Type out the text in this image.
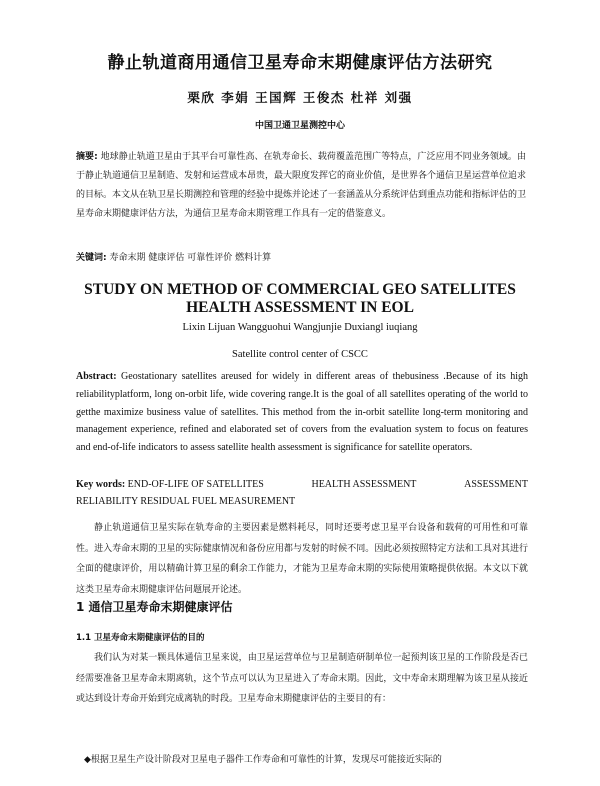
静止轨道商用通信卫星寿命末期健康评估方法研究
栗欣 李娟 王国辉 王俊杰 杜祥 刘强
中国卫通卫星测控中心
摘要: 地球静止轨道卫星由于其平台可靠性高、在轨寿命长、载荷覆盖范围广等特点，广泛应用不同业务领域。由于静止轨道通信卫星制造、发射和运营成本昂贵，最大限度发挥它的商业价值，是世界各个通信卫星运营单位追求的目标。本文从在轨卫星长期测控和管理的经验中提炼并论述了一套涵盖从分系统评估到重点功能和指标评估的卫星寿命末期健康评估方法，为通信卫星寿命末期管理工作具有一定的借鉴意义。
关键词: 寿命末期 健康评估 可靠性评价 燃料计算
STUDY ON METHOD OF COMMERCIAL GEO SATELLITES
HEALTH ASSESSMENT IN EOL
Lixin Lijuan Wangguohui Wangjunjie Duxiangl iuqiang
Satellite control center of CSCC
Abstract: Geostationary satellites areused for widely in different areas of thebusiness .Because of its high reliabilityplatform, long on-orbit life, wide covering range.It is the goal of all satellites operating of the world to getthe maximize business value of satellites. This method from the in-orbit satellite long-term monitoring and management experience, refined and elaborated set of covers from the evaluation system to focus on features and end-of-life indicators to assess satellite health assessment is significance for satellite operators.
Key words: END-OF-LIFE OF SATELLITES	HEALTH ASSESSMENT	ASSESSMENT
RELIABILITY RESIDUAL FUEL MEASUREMENT
静止轨道通信卫星实际在轨寿命的主要因素是燃料耗尽，同时还要考虑卫星平台设备和载荷的可用性和可靠性。进入寿命末期的卫星的实际健康情况和备份应用都与发射的时候不同。因此必须按照特定方法和工具对其进行全面的健康评价，用以精确计算卫星的剩余工作能力，才能为卫星寿命末期的实际使用策略提供依据。本文以下就这类卫星寿命末期健康评估问题展开论述。
1 通信卫星寿命末期健康评估
1.1 卫星寿命末期健康评估的目的
我们认为对某一颗具体通信卫星来说，由卫星运营单位与卫星制造研制单位一起预判该卫星的工作阶段是否已经需要准备卫星寿命末期离轨，这个节点可以认为卫星进入了寿命末期。因此，文中寿命末期理解为该卫星从接近或达到设计寿命开始到完成离轨的时段。卫星寿命末期健康评估的主要目的有：
◆根据卫星生产设计阶段对卫星电子器件工作寿命和可靠性的计算，发现尽可能接近实际的
